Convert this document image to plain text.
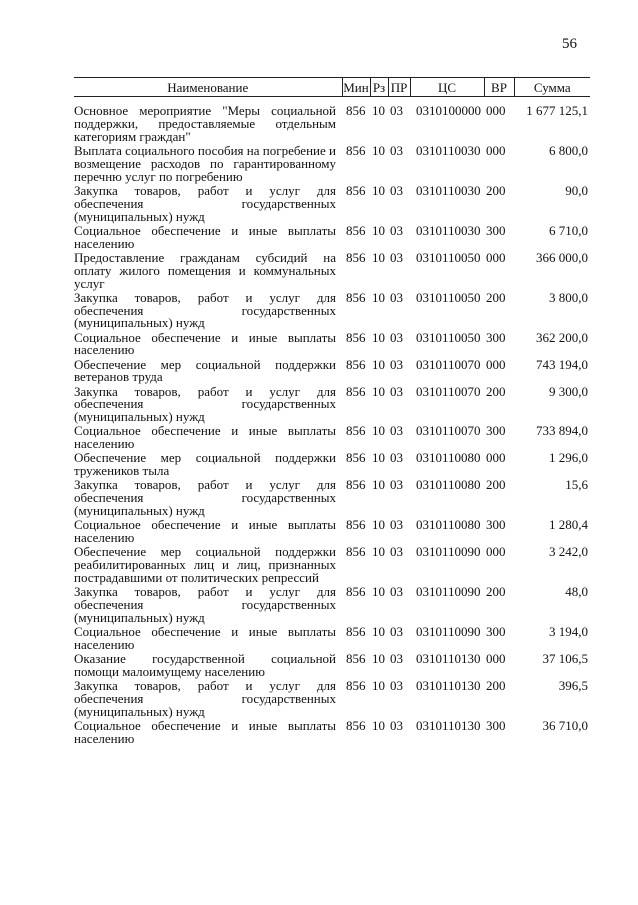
56
Наименование	Мин	Рз	ПР	ЦС	ВР	Сумма

Основное мероприятие "Меры социальной поддержки, предоставляемые отдельным категориям граждан"	856	10	03	0310100000	000	1 677 125,1
Выплата социального пособия на погребение и возмещение расходов по гарантированному перечню услуг по погребению	856	10	03	0310110030	000	6 800,0
Закупка товаров, работ и услуг для обеспечения государственных (муниципальных) нужд	856	10	03	0310110030	200	90,0
Социальное обеспечение и иные выплаты населению	856	10	03	0310110030	300	6 710,0
Предоставление гражданам субсидий на оплату жилого помещения и коммунальных услуг	856	10	03	0310110050	000	366 000,0
Закупка товаров, работ и услуг для обеспечения государственных (муниципальных) нужд	856	10	03	0310110050	200	3 800,0
Социальное обеспечение и иные выплаты населению	856	10	03	0310110050	300	362 200,0
Обеспечение мер социальной поддержки ветеранов труда	856	10	03	0310110070	000	743 194,0
Закупка товаров, работ и услуг для обеспечения государственных (муниципальных) нужд	856	10	03	0310110070	200	9 300,0
Социальное обеспечение и иные выплаты населению	856	10	03	0310110070	300	733 894,0
Обеспечение мер социальной поддержки тружеников тыла	856	10	03	0310110080	000	1 296,0
Закупка товаров, работ и услуг для обеспечения государственных (муниципальных) нужд	856	10	03	0310110080	200	15,6
Социальное обеспечение и иные выплаты населению	856	10	03	0310110080	300	1 280,4
Обеспечение мер социальной поддержки реабилитированных лиц и лиц, признанных пострадавшими от политических репрессий	856	10	03	0310110090	000	3 242,0
Закупка товаров, работ и услуг для обеспечения государственных (муниципальных) нужд	856	10	03	0310110090	200	48,0
Социальное обеспечение и иные выплаты населению	856	10	03	0310110090	300	3 194,0
Оказание государственной социальной помощи малоимущему населению	856	10	03	0310110130	000	37 106,5
Закупка товаров, работ и услуг для обеспечения государственных (муниципальных) нужд	856	10	03	0310110130	200	396,5
Социальное обеспечение и иные выплаты населению	856	10	03	0310110130	300	36 710,0
